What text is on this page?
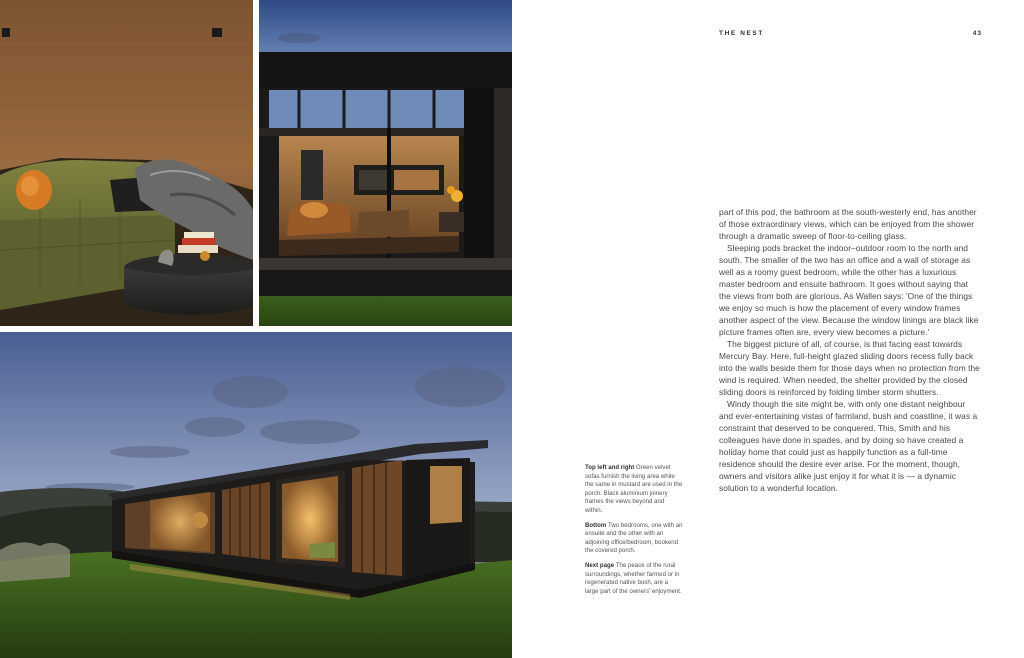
THE NEST	43

part of this pod, the bathroom at the south-westerly end, has another of those extraordinary views, which can be enjoyed from the shower through a dramatic sweep of floor-to-ceiling glass.

Sleeping pods bracket the indoor–outdoor room to the north and south. The smaller of the two has an office and a wall of storage as well as a roomy guest bedroom, while the other has a luxurious master bedroom and ensuite bathroom. It goes without saying that the views from both are glorious. As Wallen says: 'One of the things we enjoy so much is how the placement of every window frames another aspect of the view. Because the window linings are black like picture frames often are, every view becomes a picture.'

The biggest picture of all, of course, is that facing east towards Mercury Bay. Here, full-height glazed sliding doors recess fully back into the walls beside them for those days when no protection from the wind is required. When needed, the shelter provided by the closed sliding doors is reinforced by folding timber storm shutters.

Windy though the site might be, with only one distant neighbour and ever-entertaining vistas of farmland, bush and coastline, it was a constraint that deserved to be conquered. This, Smith and his colleagues have done in spades, and by doing so have created a holiday home that could just as happily function as a full-time residence should the desire ever arise. For the moment, though, owners and visitors alike just enjoy it for what it is — a dynamic solution to a wonderful location.

Top left and right Green velvet sofas furnish the living area while the same in mustard are used in the porch. Black aluminium joinery frames the views beyond and within.
Bottom Two bedrooms, one with an ensuite and the other with an adjoining office/bedroom, bookend the covered porch.
Next page The peace of the rural surroundings, whether farmed or in regenerated native bush, are a large part of the owners' enjoyment.
